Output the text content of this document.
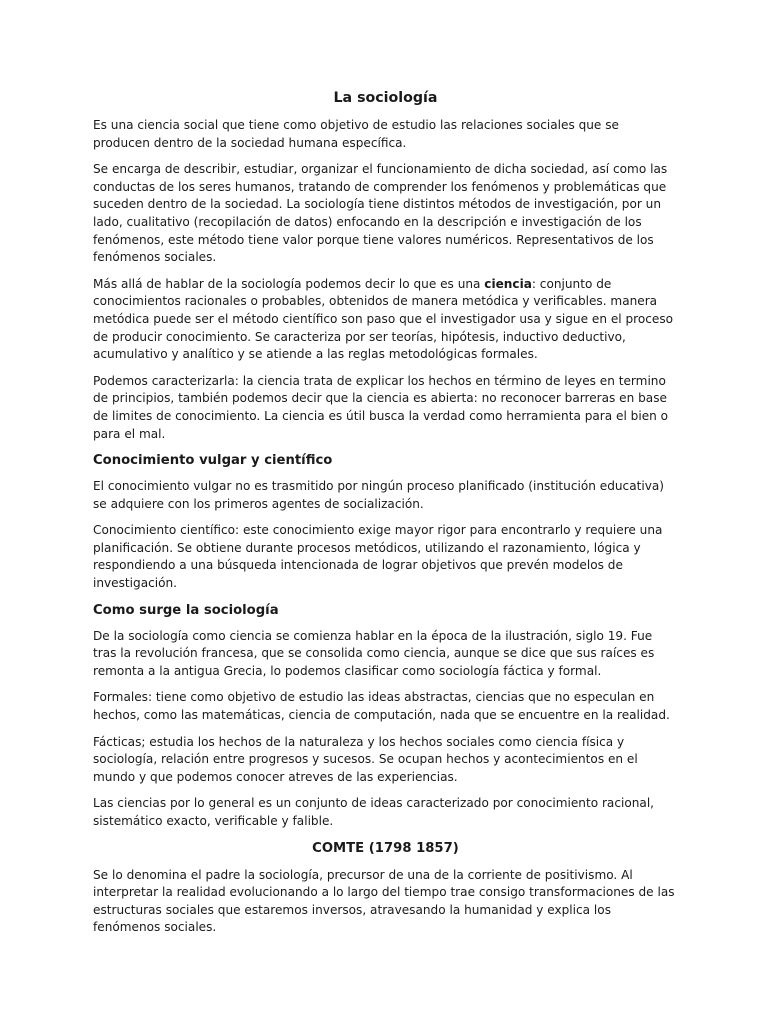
La sociología

Es una ciencia social que tiene como objetivo de estudio las relaciones sociales que se producen dentro de la sociedad humana específica.

Se encarga de describir, estudiar, organizar el funcionamiento de dicha sociedad, así como las conductas de los seres humanos, tratando de comprender los fenómenos y problemáticas que suceden dentro de la sociedad. La sociología tiene distintos métodos de investigación, por un lado, cualitativo (recopilación de datos) enfocando en la descripción e investigación de los fenómenos, este método tiene valor porque tiene valores numéricos. Representativos de los fenómenos sociales.

Más allá de hablar de la sociología podemos decir lo que es una ciencia: conjunto de conocimientos racionales o probables, obtenidos de manera metódica y verificables. manera metódica puede ser el método científico son paso que el investigador usa y sigue en el proceso de producir conocimiento. Se caracteriza por ser teorías, hipótesis, inductivo deductivo, acumulativo y analítico y se atiende a las reglas metodológicas formales.

Podemos caracterizarla: la ciencia trata de explicar los hechos en término de leyes en termino de principios, también podemos decir que la ciencia es abierta: no reconocer barreras en base de limites de conocimiento. La ciencia es útil busca la verdad como herramienta para el bien o para el mal.

Conocimiento vulgar y científico

El conocimiento vulgar no es trasmitido por ningún proceso planificado (institución educativa) se adquiere con los primeros agentes de socialización.

Conocimiento científico: este conocimiento exige mayor rigor para encontrarlo y requiere una planificación. Se obtiene durante procesos metódicos, utilizando el razonamiento, lógica y respondiendo a una búsqueda intencionada de lograr objetivos que prevén modelos de investigación.

Como surge la sociología

De la sociología como ciencia se comienza hablar en la época de la ilustración, siglo 19. Fue tras la revolución francesa, que se consolida como ciencia, aunque se dice que sus raíces es remonta a la antigua Grecia, lo podemos clasificar como sociología fáctica y formal.

Formales: tiene como objetivo de estudio las ideas abstractas, ciencias que no especulan en hechos, como las matemáticas, ciencia de computación, nada que se encuentre en la realidad.

Fácticas; estudia los hechos de la naturaleza y los hechos sociales como ciencia física y sociología, relación entre progresos y sucesos. Se ocupan hechos y acontecimientos en el mundo y que podemos conocer atreves de las experiencias.

Las ciencias por lo general es un conjunto de ideas caracterizado por conocimiento racional, sistemático exacto, verificable y falible.

COMTE (1798 1857)

Se lo denomina el padre la sociología, precursor de una de la corriente de positivismo. Al interpretar la realidad evolucionando a lo largo del tiempo trae consigo transformaciones de las estructuras sociales que estaremos inversos, atravesando la humanidad y explica los fenómenos sociales.
